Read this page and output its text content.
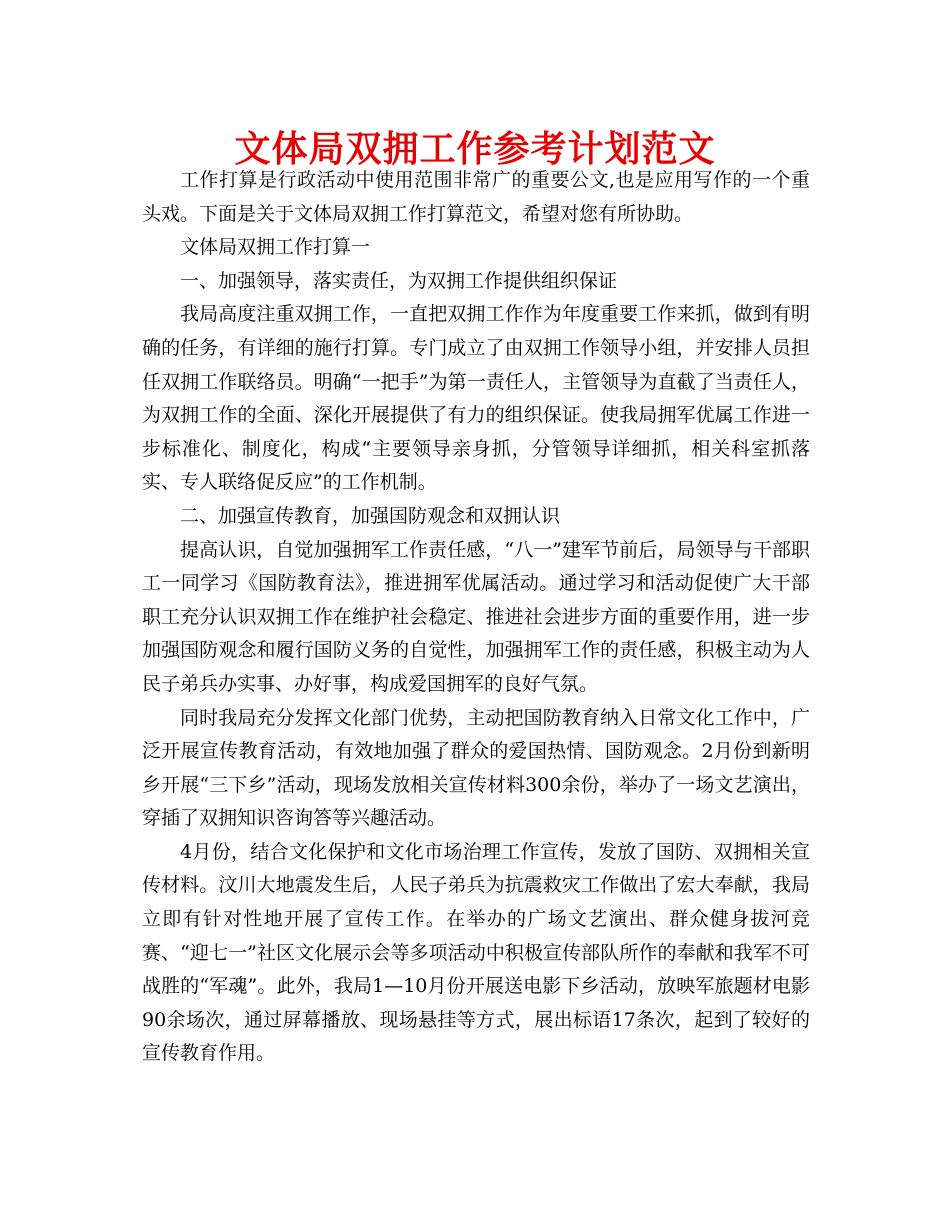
文体局双拥工作参考计划范文

工作打算是行政活动中使用范围非常广的重要公文,也是应用写作的一个重头戏。下面是关于文体局双拥工作打算范文，希望对您有所协助。

文体局双拥工作打算一

一、加强领导，落实责任，为双拥工作提供组织保证

我局高度注重双拥工作，一直把双拥工作作为年度重要工作来抓，做到有明确的任务，有详细的施行打算。专门成立了由双拥工作领导小组，并安排人员担任双拥工作联络员。明确“一把手”为第一责任人，主管领导为直截了当责任人，为双拥工作的全面、深化开展提供了有力的组织保证。使我局拥军优属工作进一步标准化、制度化，构成“主要领导亲身抓，分管领导详细抓，相关科室抓落实、专人联络促反应”的工作机制。

二、加强宣传教育，加强国防观念和双拥认识

提高认识，自觉加强拥军工作责任感，“八一”建军节前后，局领导与干部职工一同学习《国防教育法》，推进拥军优属活动。通过学习和活动促使广大干部职工充分认识双拥工作在维护社会稳定、推进社会进步方面的重要作用，进一步加强国防观念和履行国防义务的自觉性，加强拥军工作的责任感，积极主动为人民子弟兵办实事、办好事，构成爱国拥军的良好气氛。

同时我局充分发挥文化部门优势，主动把国防教育纳入日常文化工作中，广泛开展宣传教育活动，有效地加强了群众的爱国热情、国防观念。2月份到新明乡开展“三下乡”活动，现场发放相关宣传材料300余份，举办了一场文艺演出，穿插了双拥知识咨询答等兴趣活动。

4月份，结合文化保护和文化市场治理工作宣传，发放了国防、双拥相关宣传材料。汶川大地震发生后，人民子弟兵为抗震救灾工作做出了宏大奉献，我局立即有针对性地开展了宣传工作。在举办的广场文艺演出、群众健身拔河竞赛、“迎七一”社区文化展示会等多项活动中积极宣传部队所作的奉献和我军不可战胜的“军魂”。此外，我局1—10月份开展送电影下乡活动，放映军旅题材电影90余场次，通过屏幕播放、现场悬挂等方式，展出标语17条次，起到了较好的宣传教育作用。
